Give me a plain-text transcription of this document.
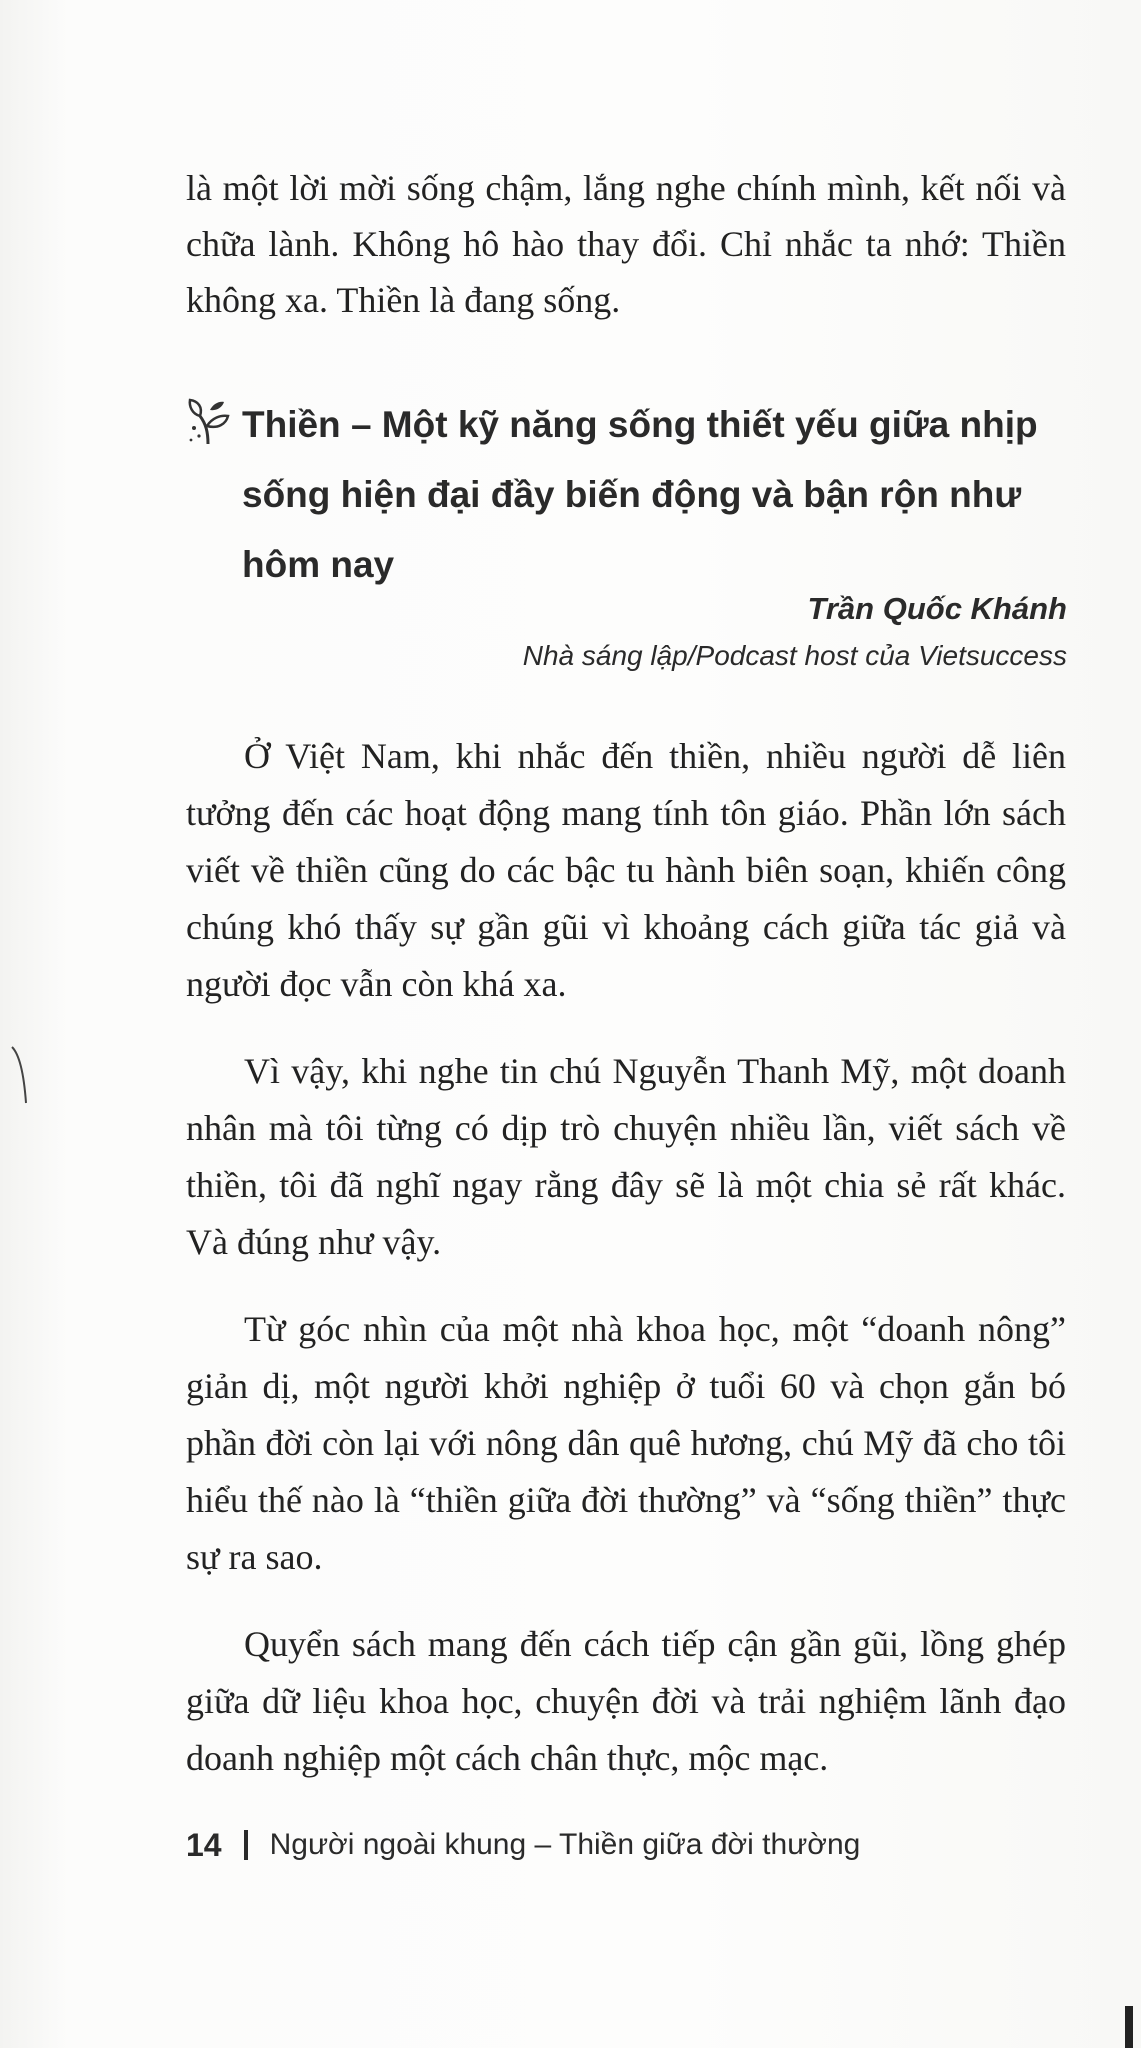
là một lời mời sống chậm, lắng nghe chính mình, kết nối và chữa lành. Không hô hào thay đổi. Chỉ nhắc ta nhớ: Thiền không xa. Thiền là đang sống.

Thiền – Một kỹ năng sống thiết yếu giữa nhịp sống hiện đại đầy biến động và bận rộn như hôm nay
Trần Quốc Khánh
Nhà sáng lập/Podcast host của Vietsuccess

Ở Việt Nam, khi nhắc đến thiền, nhiều người dễ liên tưởng đến các hoạt động mang tính tôn giáo. Phần lớn sách viết về thiền cũng do các bậc tu hành biên soạn, khiến công chúng khó thấy sự gần gũi vì khoảng cách giữa tác giả và người đọc vẫn còn khá xa.

Vì vậy, khi nghe tin chú Nguyễn Thanh Mỹ, một doanh nhân mà tôi từng có dịp trò chuyện nhiều lần, viết sách về thiền, tôi đã nghĩ ngay rằng đây sẽ là một chia sẻ rất khác. Và đúng như vậy.

Từ góc nhìn của một nhà khoa học, một “doanh nông” giản dị, một người khởi nghiệp ở tuổi 60 và chọn gắn bó phần đời còn lại với nông dân quê hương, chú Mỹ đã cho tôi hiểu thế nào là “thiền giữa đời thường” và “sống thiền” thực sự ra sao.

Quyển sách mang đến cách tiếp cận gần gũi, lồng ghép giữa dữ liệu khoa học, chuyện đời và trải nghiệm lãnh đạo doanh nghiệp một cách chân thực, mộc mạc.

14 Người ngoài khung – Thiền giữa đời thường
